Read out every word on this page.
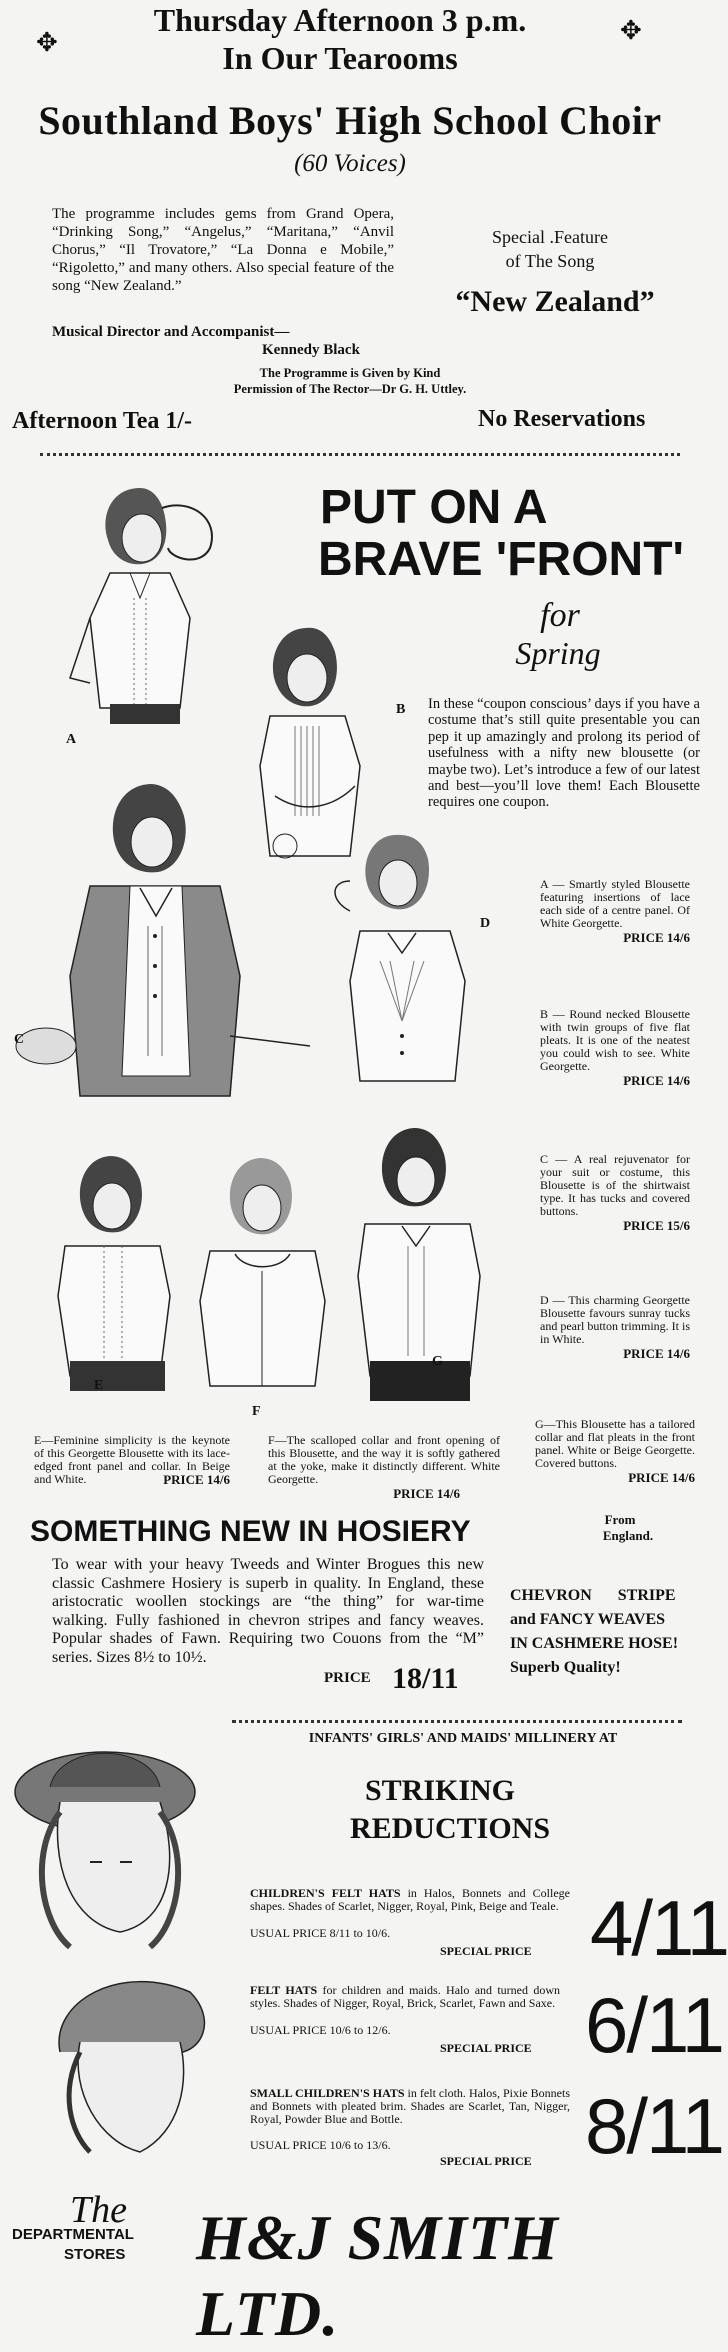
✥	✥
Thursday Afternoon 3 p.m.
In Our Tearooms
Southland Boys' High School Choir
(60 Voices)
The programme includes gems from Grand Opera, “Drinking Song,” “Angelus,” “Maritana,” “Anvil Chorus,” “Il Trovatore,” “La Donna e Mobile,” “Rigoletto,” and many others. Also special feature of the song “New Zealand.”
Musical Director and Accompanist—
Kennedy Black
Special .Feature
of The Song
“New Zealand”
The Programme is Given by Kind
Permission of The Rector—Dr G. H. Uttley.
Afternoon Tea 1/-	No Reservations
PUT ON A
BRAVE 'FRONT'
for
Spring
In these “coupon conscious’ days if you have a costume that’s still quite presentable you can pep it up amazingly and prolong its period of usefulness with a nifty new blousette (or maybe two). Let’s introduce a few of our latest and best—you’ll love them! Each Blousette requires one coupon.
A
B
C
D
E
F
G
A — Smartly styled Blousette featuring insertions of lace each side of a centre panel. Of White Georgette.
PRICE 14/6
B — Round necked Blousette with twin groups of five flat pleats. It is one of the neatest you could wish to see. White Georgette.
PRICE 14/6
C — A real rejuvenator for your suit or costume, this Blousette is of the shirtwaist type. It has tucks and covered buttons.
PRICE 15/6
D — This charming Georgette Blousette favours sunray tucks and pearl button trimming. It is in White.
PRICE 14/6
E—Feminine simplicity is the keynote of this Georgette Blousette with its lace-edged front panel and collar. In Beige and White.	PRICE 14/6
F—The scalloped collar and front opening of this Blousette, and the way it is softly gathered at the yoke, make it distinctly different. White Georgette.
PRICE 14/6
G—This Blousette has a tailored collar and flat pleats in the front panel. White or Beige Georgette. Covered buttons.
PRICE 14/6
SOMETHING NEW IN HOSIERY	From
England.
To wear with your heavy Tweeds and Winter Brogues this new classic Cashmere Hosiery is superb in quality. In England, these aristocratic woollen stockings are “the thing” for war-time walking. Fully fashioned in chevron stripes and fancy weaves. Popular shades of Fawn. Requiring two Couons from the “M” series. Sizes 8½ to 10½.
PRICE 18/11
CHEVRON STRIPE
and FANCY WEAVES
IN CASHMERE HOSE!
Superb Quality!
INFANTS' GIRLS' AND MAIDS' MILLINERY AT
STRIKING
REDUCTIONS
CHILDREN'S FELT HATS in Halos, Bonnets and College shapes. Shades of Scarlet, Nigger, Royal, Pink, Beige and Teale.
USUAL PRICE 8/11 to 10/6.
SPECIAL PRICE 4/11
FELT HATS for children and maids. Halo and turned down styles. Shades of Nigger, Royal, Brick, Scarlet, Fawn and Saxe.
USUAL PRICE 10/6 to 12/6.
SPECIAL PRICE 6/11
SMALL CHILDREN'S HATS in felt cloth. Halos, Pixie Bonnets and Bonnets with pleated brim. Shades are Scarlet, Tan, Nigger, Royal, Powder Blue and Bottle.
USUAL PRICE 10/6 to 13/6.
SPECIAL PRICE 8/11
The
DEPARTMENTAL
STORES	H&J SMITH LTD.
